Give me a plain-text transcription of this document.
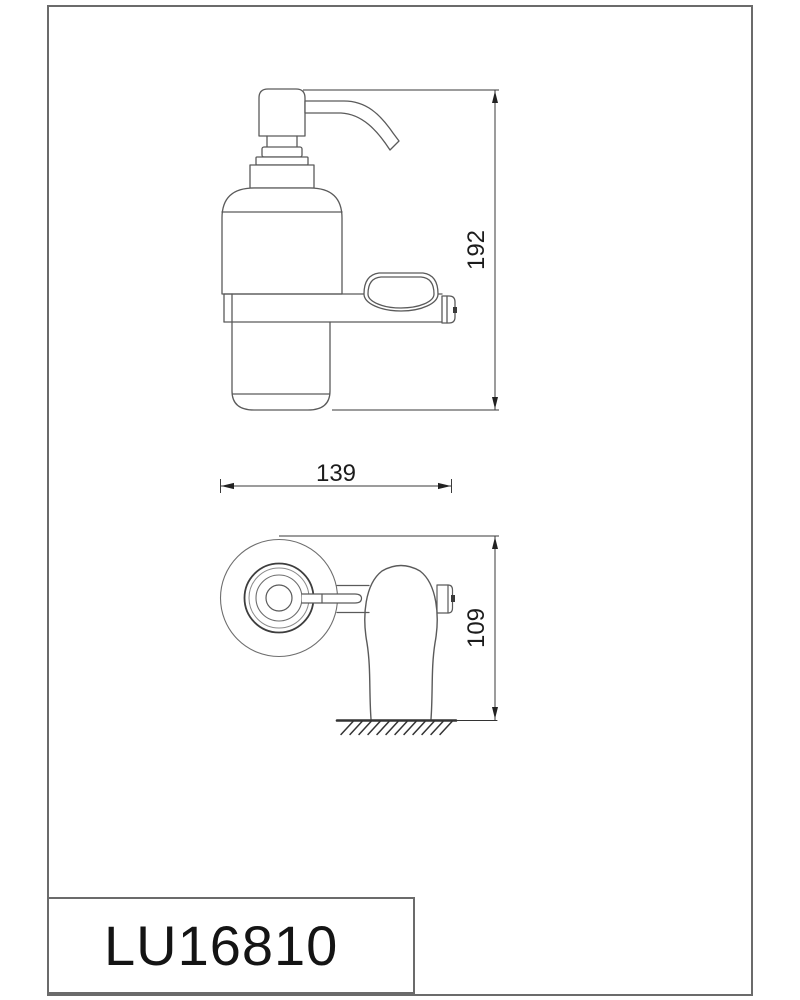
192
139
109
LU16810
